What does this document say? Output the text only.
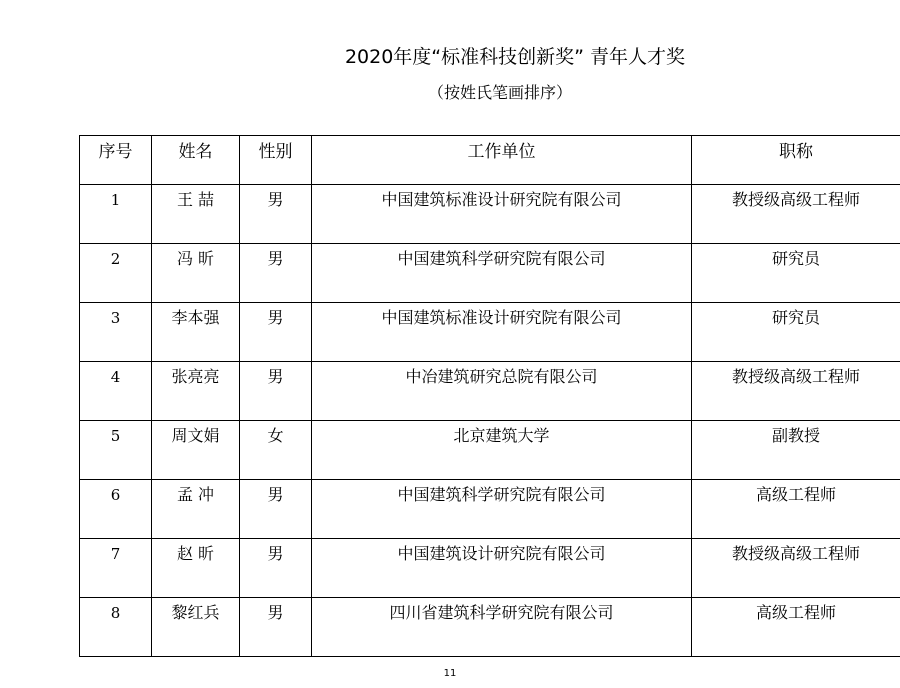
2020年度“标准科技创新奖” 青年人才奖
（按姓氏笔画排序）
序号	姓名	性别	工作单位	职称
1	王 喆	男	中国建筑标准设计研究院有限公司	教授级高级工程师
2	冯 昕	男	中国建筑科学研究院有限公司	研究员
3	李本强	男	中国建筑标准设计研究院有限公司	研究员
4	张亮亮	男	中冶建筑研究总院有限公司	教授级高级工程师
5	周文娟	女	北京建筑大学	副教授
6	孟 冲	男	中国建筑科学研究院有限公司	高级工程师
7	赵 昕	男	中国建筑设计研究院有限公司	教授级高级工程师
8	黎红兵	男	四川省建筑科学研究院有限公司	高级工程师
11
